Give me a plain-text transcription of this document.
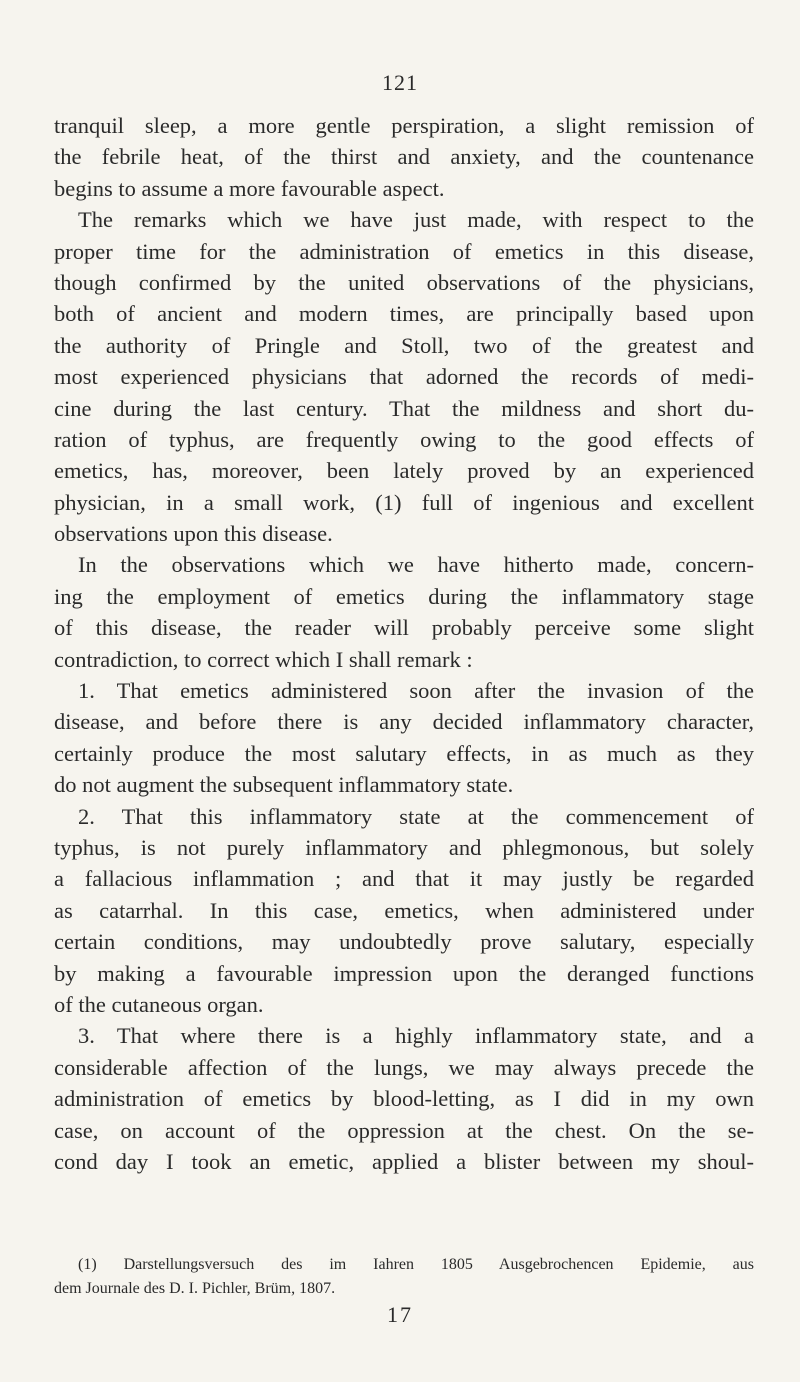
121
tranquil sleep, a more gentle perspiration, a slight remission of
the febrile heat, of the thirst and anxiety, and the countenance
begins to assume a more favourable aspect.
The remarks which we have just made, with respect to the
proper time for the administration of emetics in this disease,
though confirmed by the united observations of the physicians,
both of ancient and modern times, are principally based upon
the authority of Pringle and Stoll, two of the greatest and
most experienced physicians that adorned the records of medi-
cine during the last century. That the mildness and short du-
ration of typhus, are frequently owing to the good effects of
emetics, has, moreover, been lately proved by an experienced
physician, in a small work, (1) full of ingenious and excellent
observations upon this disease.
In the observations which we have hitherto made, concern-
ing the employment of emetics during the inflammatory stage
of this disease, the reader will probably perceive some slight
contradiction, to correct which I shall remark :
1. That emetics administered soon after the invasion of the
disease, and before there is any decided inflammatory character,
certainly produce the most salutary effects, in as much as they
do not augment the subsequent inflammatory state.
2. That this inflammatory state at the commencement of
typhus, is not purely inflammatory and phlegmonous, but solely
a fallacious inflammation ; and that it may justly be regarded
as catarrhal. In this case, emetics, when administered under
certain conditions, may undoubtedly prove salutary, especially
by making a favourable impression upon the deranged functions
of the cutaneous organ.
3. That where there is a highly inflammatory state, and a
considerable affection of the lungs, we may always precede the
administration of emetics by blood-letting, as I did in my own
case, on account of the oppression at the chest. On the se-
cond day I took an emetic, applied a blister between my shoul-
(1) Darstellungsversuch des im Iahren 1805 Ausgebrochencen Epidemie, aus
dem Journale des D. I. Pichler, Brüm, 1807.
17
